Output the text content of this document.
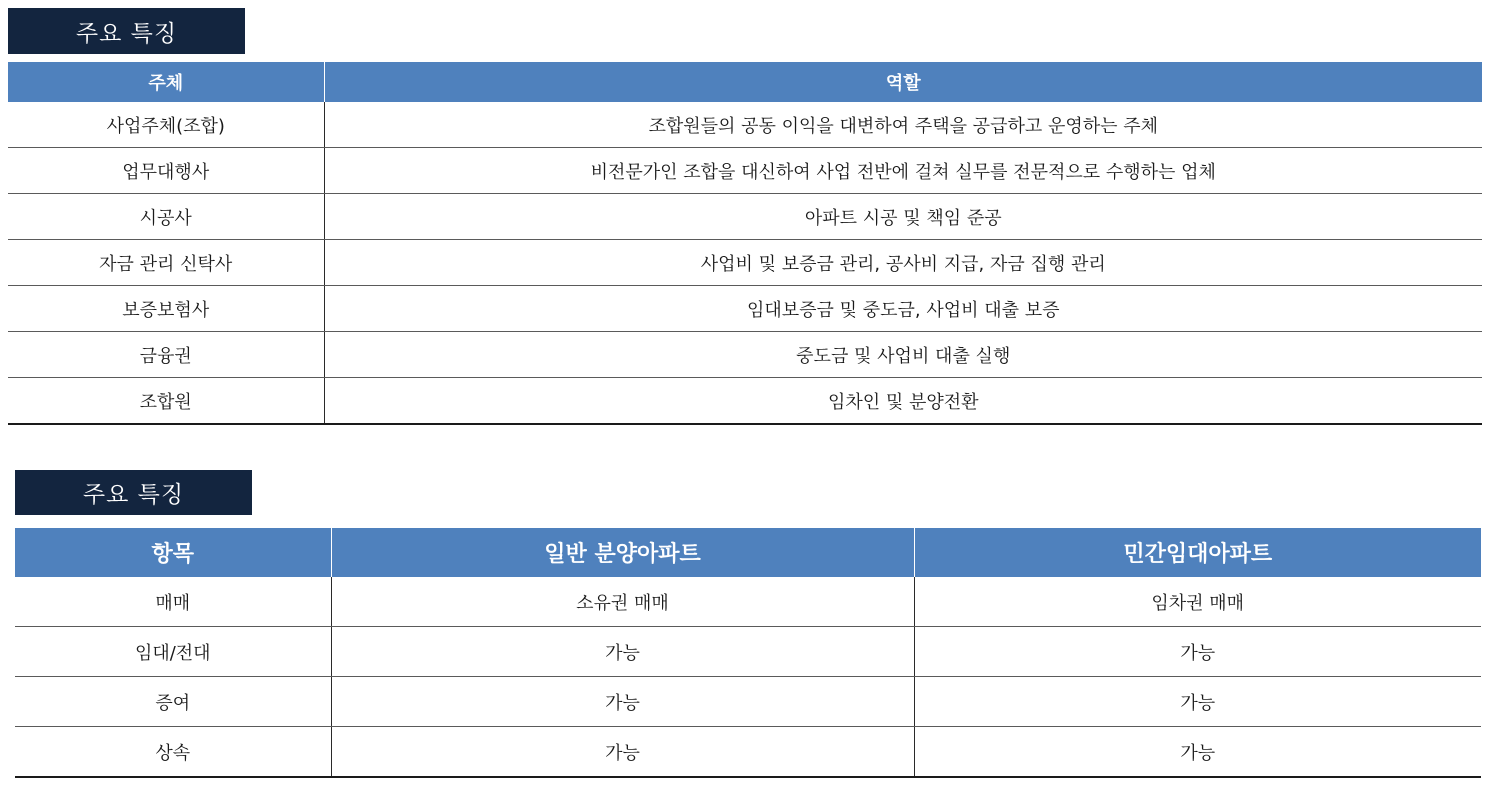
주요 특징
주체	역할
사업주체(조합)	조합원들의 공동 이익을 대변하여 주택을 공급하고 운영하는 주체
업무대행사	비전문가인 조합을 대신하여 사업 전반에 걸쳐 실무를 전문적으로 수행하는 업체
시공사	아파트 시공 및 책임 준공
자금 관리 신탁사	사업비 및 보증금 관리, 공사비 지급, 자금 집행 관리
보증보험사	임대보증금 및 중도금, 사업비 대출 보증
금융권	중도금 및 사업비 대출 실행
조합원	임차인 및 분양전환
주요 특징
항목	일반 분양아파트	민간임대아파트
매매	소유권 매매	임차권 매매
임대/전대	가능	가능
증여	가능	가능
상속	가능	가능
